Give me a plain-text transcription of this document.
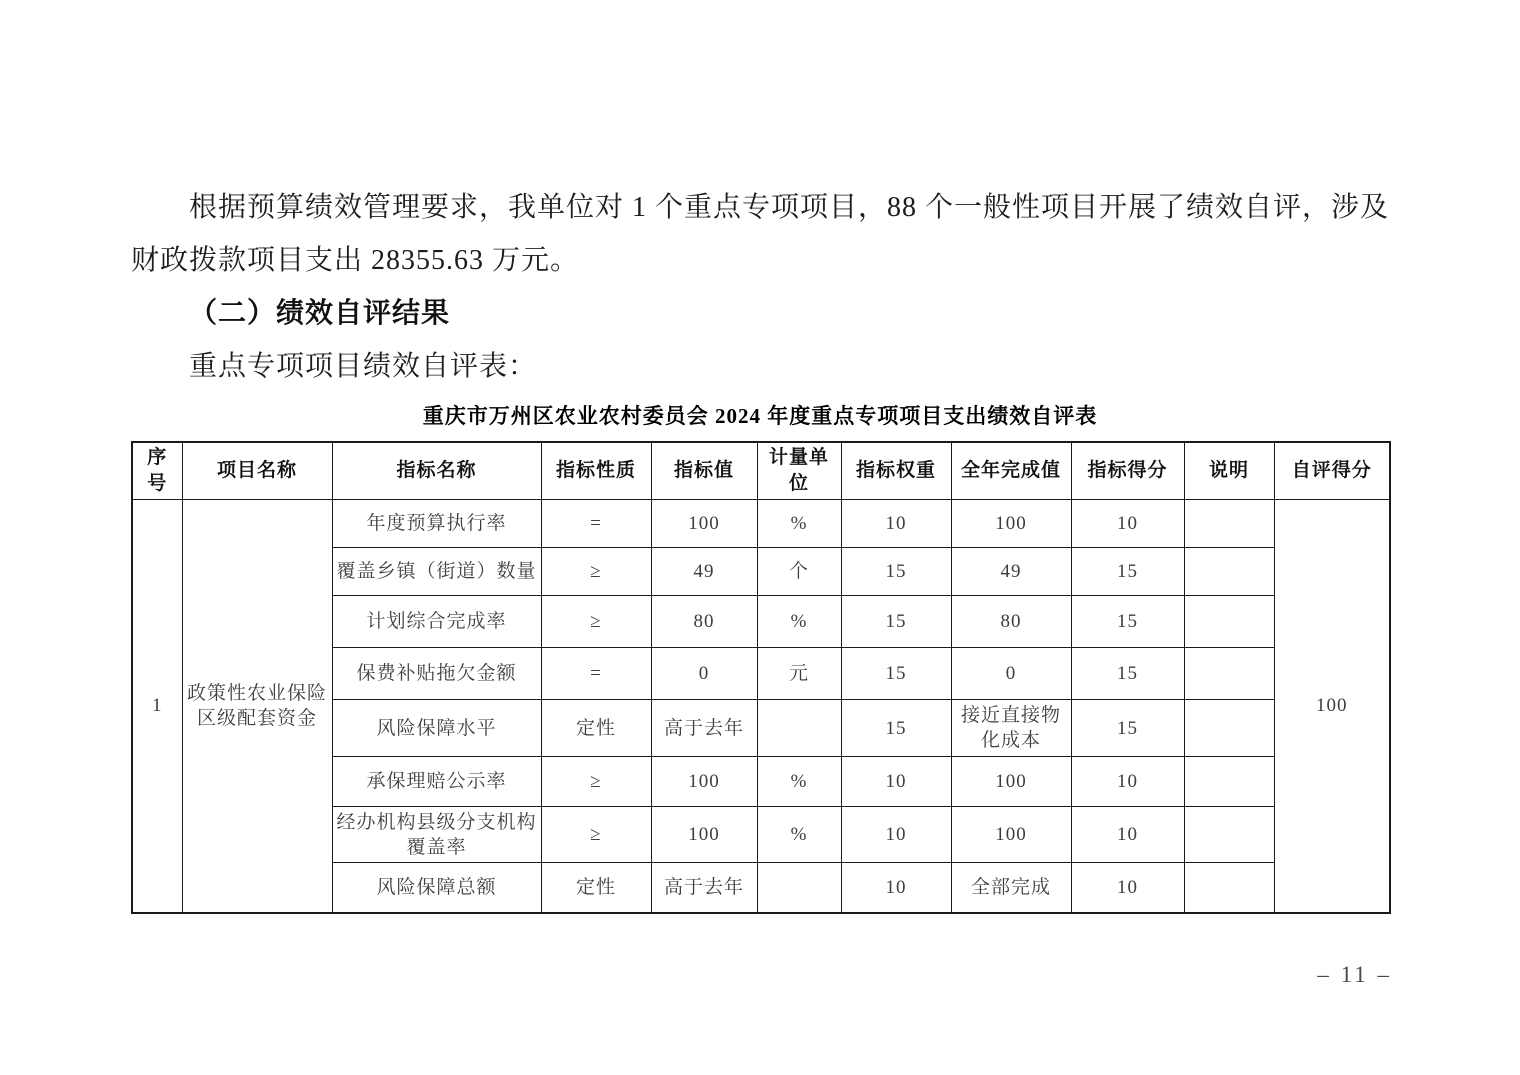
根据预算绩效管理要求，我单位对 1 个重点专项项目，88 个一般性项目开展了绩效自评，涉及
财政拨款项目支出 28355.63 万元。
（二）绩效自评结果
重点专项项目绩效自评表：
重庆市万州区农业农村委员会 2024 年度重点专项项目支出绩效自评表
序号	项目名称	指标名称	指标性质	指标值	计量单位	指标权重	全年完成值	指标得分	说明	自评得分
1	政策性农业保险区级配套资金	年度预算执行率	=	100	%	10	100	10		100
		覆盖乡镇（街道）数量	≥	49	个	15	49	15		
		计划综合完成率	≥	80	%	15	80	15		
		保费补贴拖欠金额	=	0	元	15	0	15		
		风险保障水平	定性	高于去年		15	接近直接物化成本	15		
		承保理赔公示率	≥	100	%	10	100	10		
		经办机构县级分支机构覆盖率	≥	100	%	10	100	10		
		风险保障总额	定性	高于去年		10	全部完成	10		
– 11 –
